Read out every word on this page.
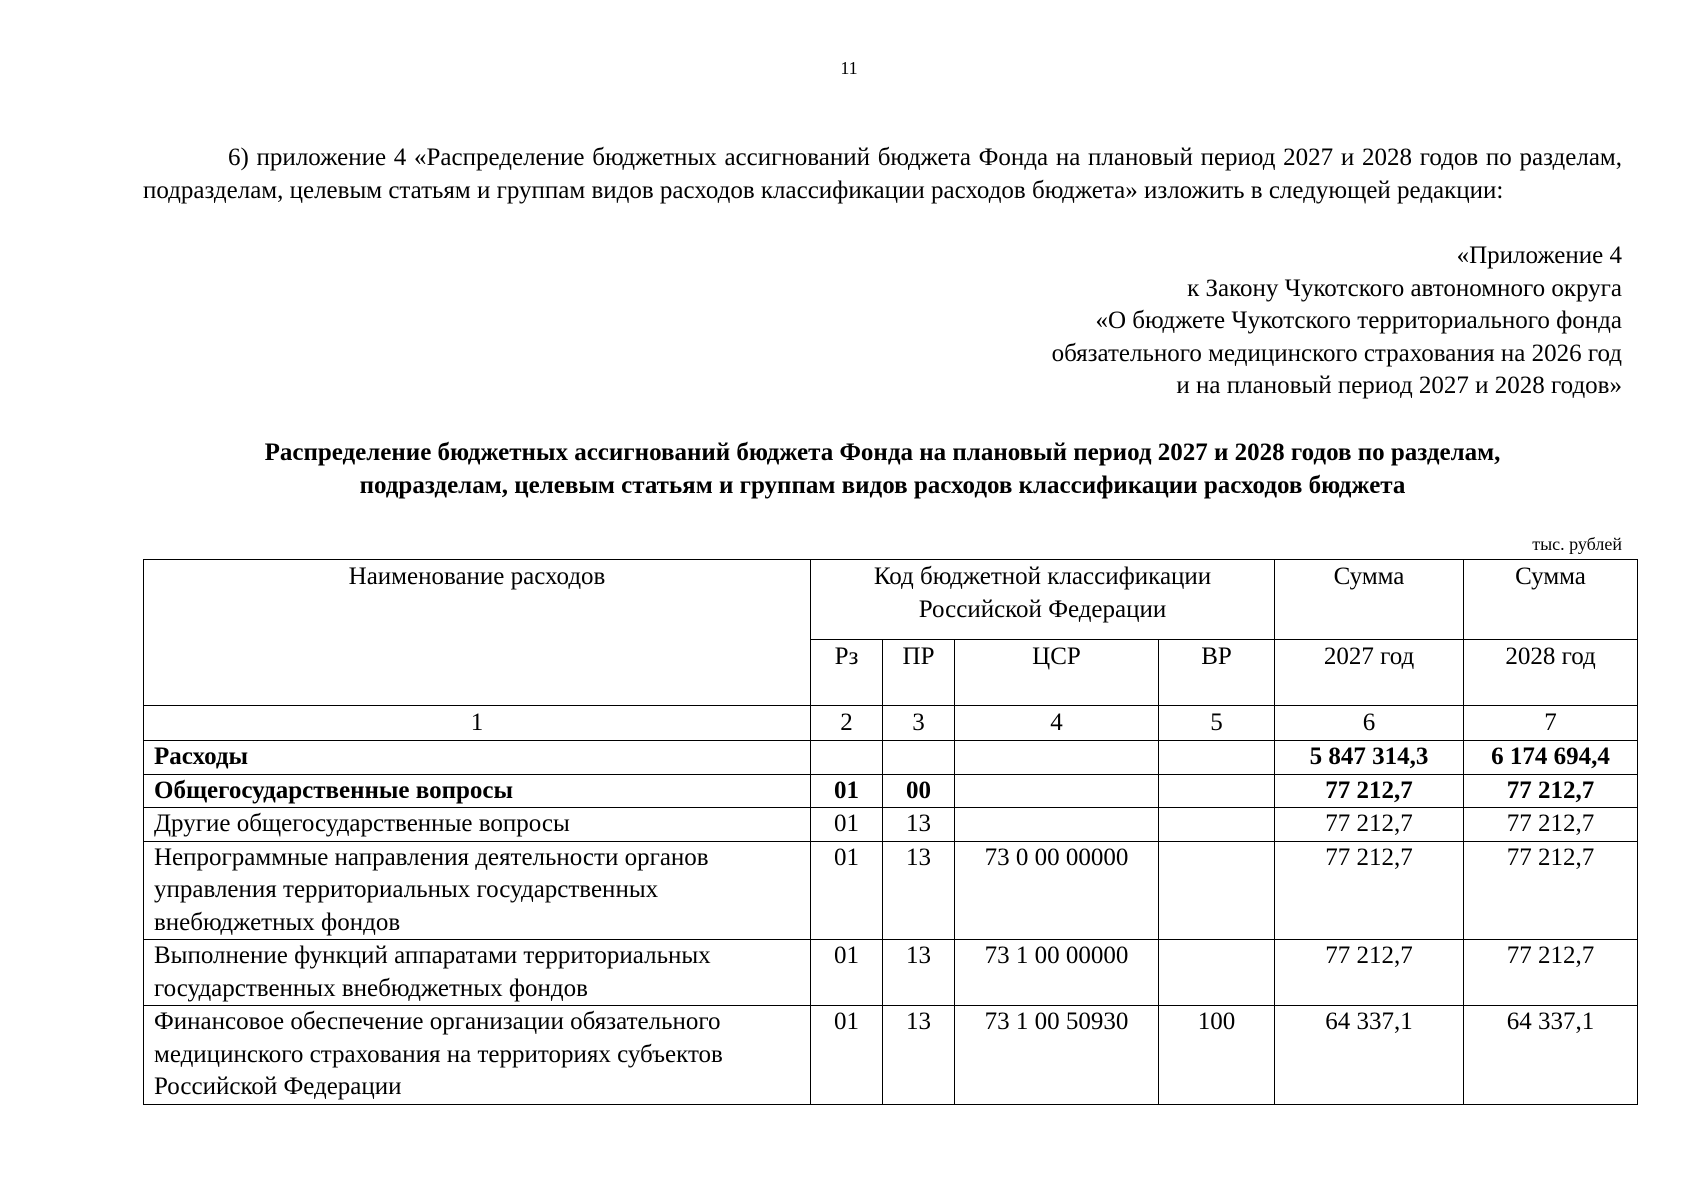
11

6) приложение 4 «Распределение бюджетных ассигнований бюджета Фонда на плановый период 2027 и 2028 годов по разделам, подразделам, целевым статьям и группам видов расходов классификации расходов бюджета» изложить в следующей редакции:

«Приложение 4
к Закону Чукотского автономного округа
«О бюджете Чукотского территориального фонда
обязательного медицинского страхования на 2026 год
и на плановый период 2027 и 2028 годов»
Распределение бюджетных ассигнований бюджета Фонда на плановый период 2027 и 2028 годов по разделам,
подразделам, целевым статьям и группам видов расходов классификации расходов бюджета
тыс. рублей
Наименование расходов	Код бюджетной классификации Российской Федерации				Сумма	Сумма
	Рз	ПР	ЦСР	ВР	2027 год	2028 год
1	2	3	4	5	6	7
Расходы					5 847 314,3	6 174 694,4
Общегосударственные вопросы	01	00			77 212,7	77 212,7
Другие общегосударственные вопросы	01	13			77 212,7	77 212,7
Непрограммные направления деятельности органов управления территориальных государственных внебюджетных фондов	01	13	73 0 00 00000		77 212,7	77 212,7
Выполнение функций аппаратами территориальных государственных внебюджетных фондов	01	13	73 1 00 00000		77 212,7	77 212,7
Финансовое обеспечение организации обязательного медицинского страхования на территориях субъектов Российской Федерации	01	13	73 1 00 50930	100	64 337,1	64 337,1
